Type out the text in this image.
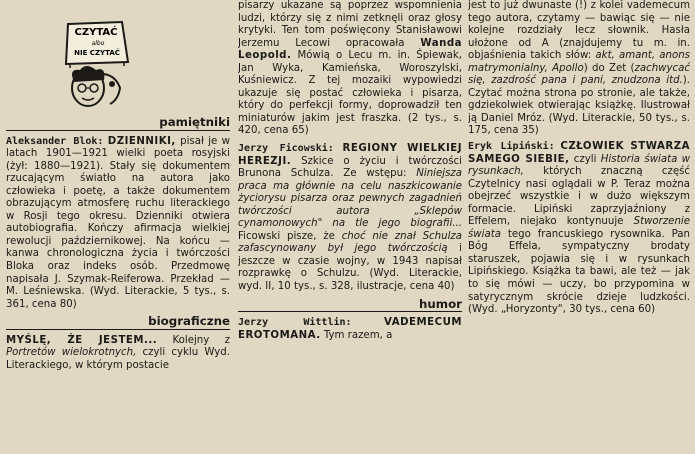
CZYTAĆ
albo
NIE CZYTAĆ
pamiętniki

Aleksander Blok: DZIENNIKI, pisał je w latach 1901—1921 wielki poeta rosyjski (żył: 1880—1921). Stały się dokumentem rzucającym światło na autora jako człowieka i poetę, a także dokumentem obrazującym atmosferę ruchu literackiego w Rosji tego okresu. Dzienniki otwiera autobiografia. Kończy afirmacja wielkiej rewolucji październikowej. Na końcu — kanwa chronologiczna życia i twórczości Bloka oraz indeks osób. Przedmowę napisała J. Szymak-Reiferowa. Przekład — M. Leśniewska. (Wyd. Literackie, 5 tys., s. 361, cena 80)

biograficzne

MYŚLĘ, ŻE JESTEM... Kolejny z Portretów wielokrotnych, czyli cyklu Wyd. Literackiego, w którym postacie

pisarzy ukazane są poprzez wspomnienia ludzi, którzy się z nimi zetknęli oraz głosy krytyki. Ten tom poświęcony Stanisławowi Jerzemu Lecowi opracowała Wanda Leopold. Mówią o Lecu m. in. Śpiewak, Jan Wyka, Kamieńska, Woroszylski, Kuśniewicz. Z tej mozaiki wypowiedzi ukazuje się postać człowieka i pisarza, który do perfekcji formy, doprowadził ten miniaturów jakim jest fraszka. (2 tys., s. 420, cena 65)

Jerzy Ficowski: REGIONY WIELKIEJ HEREZJI. Szkice o życiu i twórczości Brunona Schulza. Ze wstępu: Niniejsza praca ma głównie na celu naszkicowanie życiorysu pisarza oraz pewnych zagadnień twórczości autora „Sklepów cynamonowych" na tle jego biografii... Ficowski pisze, że choć nie znał Schulza zafascynowany był jego twórczością i jeszcze w czasie wojny, w 1943 napisał rozprawkę o Schulzu. (Wyd. Literackie, wyd. II, 10 tys., s. 328, ilustracje, cena 40)

humor

Jerzy Wittlin:	VADEMECUM EROTOMANA. Tym razem, a

jest to już dwunaste (!) z kolei vademecum tego autora, czytamy — bawiąc się — nie kolejne rozdziały lecz słownik. Hasła ułożone od A (znajdujemy tu m. in. objaśnienia takich słów: akt, amant, anons matrymonialny, Apollo) do Zet (zachwycać się, zazdrość pana i pani, znudzona itd.). Czytać można strona po stronie, ale także, gdziekolwiek otwierając książkę. Ilustrował ją Daniel Mróz. (Wyd. Literackie, 50 tys., s. 175, cena 35)

Eryk Lipiński: CZŁOWIEK STWARZA SAMEGO SIEBIE, czyli Historia świata w rysunkach, których znaczną część Czytelnicy nasi oglądali w P. Teraz można obejrzeć wszystkie i w dużo większym formacie. Lipiński zaprzyjaźniony z Effelem, niejako kontynuuje Stworzenie świata tego francuskiego rysownika. Pan Bóg Effela, sympatyczny brodaty staruszek, pojawia się i w rysunkach Lipińskiego. Książka ta bawi, ale też — jak to się mówi — uczy, bo przypomina w satyrycznym skrócie dzieje ludzkości. (Wyd. „Horyzonty", 30 tys., cena 60)
